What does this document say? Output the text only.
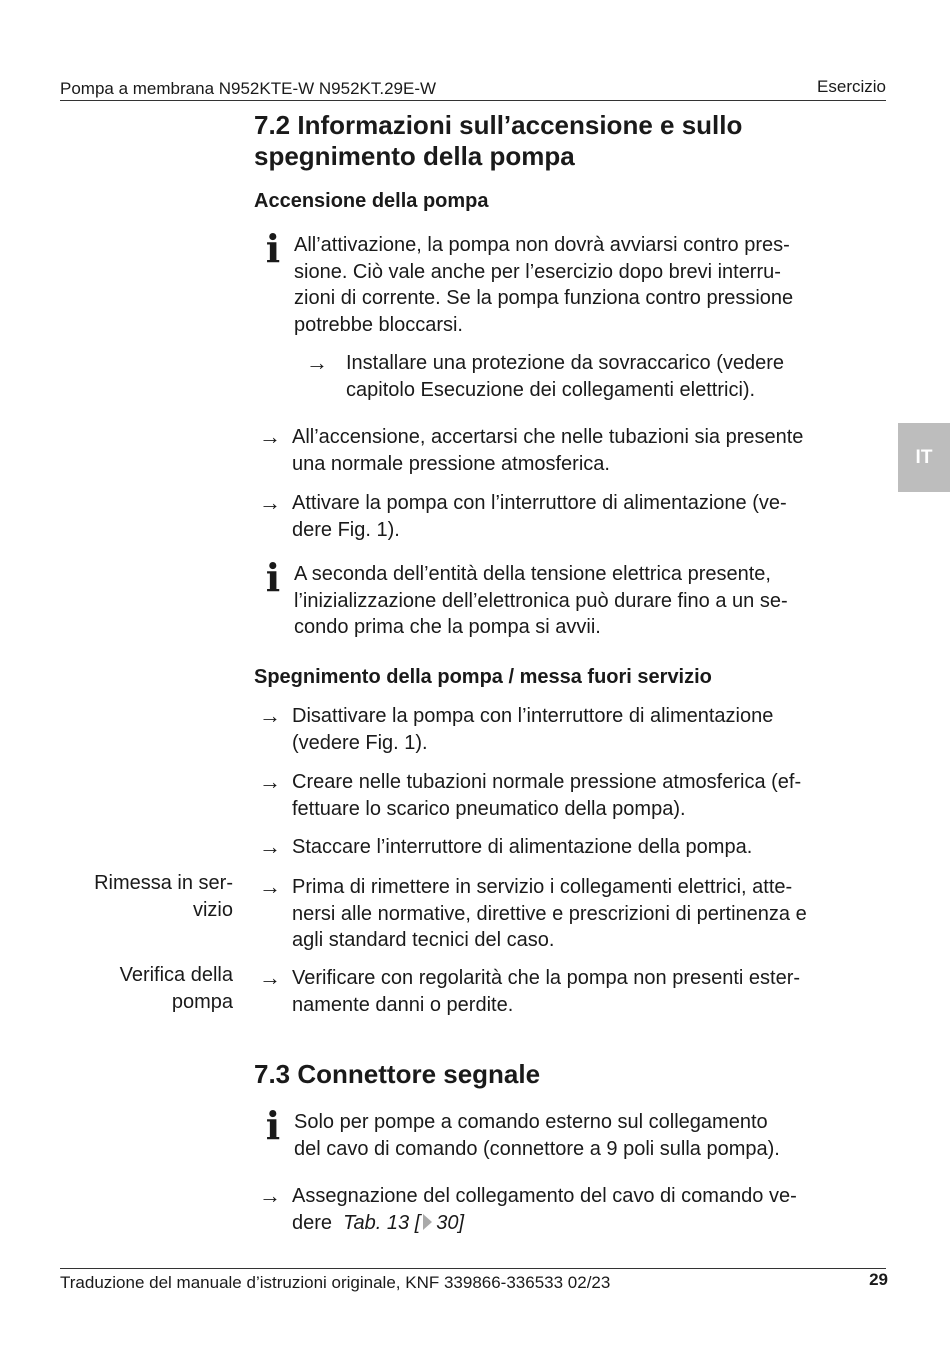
Pompa a membrana N952KTE-W N952KT.29E-W	Esercizio
IT
7.2 Informazioni sull’accensione e sullo
spegnimento della pompa
Accensione della pompa
i All’attivazione, la pompa non dovrà avviarsi contro pres-
sione. Ciò vale anche per l’esercizio dopo brevi interru-
zioni di corrente. Se la pompa funziona contro pressione
potrebbe bloccarsi.
→ Installare una protezione da sovraccarico (vedere
capitolo Esecuzione dei collegamenti elettrici).
→ All’accensione, accertarsi che nelle tubazioni sia presente
una normale pressione atmosferica.
→ Attivare la pompa con l’interruttore di alimentazione (ve-
dere Fig. 1).
i A seconda dell’entità della tensione elettrica presente,
l’inizializzazione dell’elettronica può durare fino a un se-
condo prima che la pompa si avvii.
Spegnimento della pompa / messa fuori servizio
→ Disattivare la pompa con l’interruttore di alimentazione
(vedere Fig. 1).
→ Creare nelle tubazioni normale pressione atmosferica (ef-
fettuare lo scarico pneumatico della pompa).
→ Staccare l’interruttore di alimentazione della pompa.
Rimessa in ser-
vizio
→ Prima di rimettere in servizio i collegamenti elettrici, atte-
nersi alle normative, direttive e prescrizioni di pertinenza e
agli standard tecnici del caso.
Verifica della
pompa
→ Verificare con regolarità che la pompa non presenti ester-
namente danni o perdite.
7.3 Connettore segnale
i Solo per pompe a comando esterno sul collegamento
del cavo di comando (connettore a 9 poli sulla pompa).
→ Assegnazione del collegamento del cavo di comando ve-
dere Tab. 13 [ 30]
Traduzione del manuale d’istruzioni originale, KNF 339866-336533 02/23	29
